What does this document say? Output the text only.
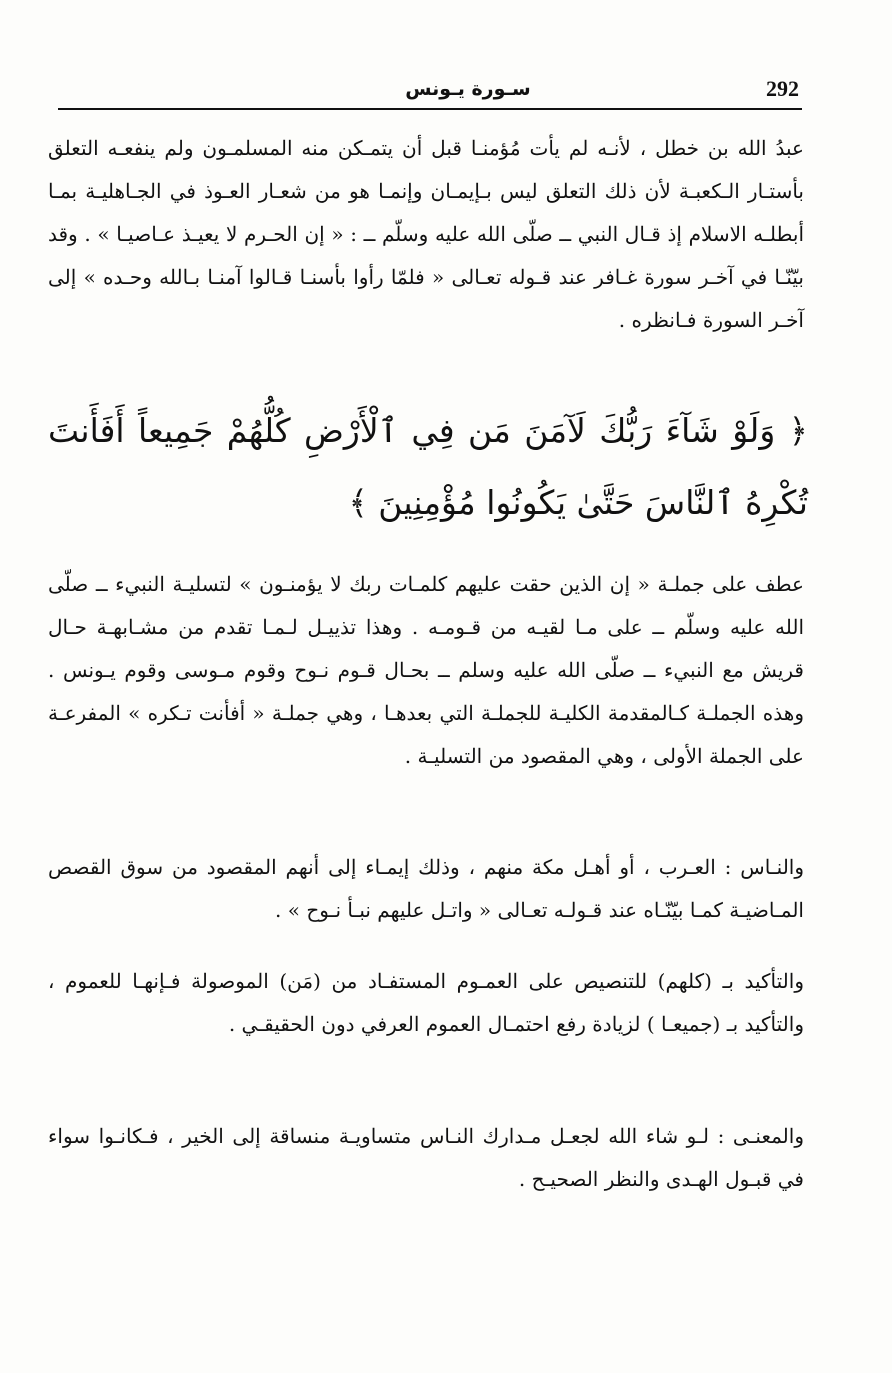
292
سـورة يـونس

عبدُ الله بن خطل ، لأنـه لم يأت مُؤمنـا قبل أن يتمـكن منه المسلمـون ولم ينفعـه التعلق بأستـار الـكعبـة لأن ذلك التعلق ليس بـإيمـان وإنمـا هو من شعـار العـوذ في الجـاهليـة بمـا أبطلـه الاسلام إذ قـال النبي ــ صلّى الله عليه وسلّم ــ : « إن الحـرم لا يعيـذ عـاصيـا » . وقد بيّنّـا في آخـر سورة غـافر عند قـوله تعـالى « فلمّا رأوا بأسنـا قـالوا آمنـا بـالله وحـده » إلى آخـر السورة فـانظره .

﴿ وَلَوْ شَآءَ رَبُّكَ لَآمَنَ مَن فِي ٱلْأَرْضِ كُلُّهُمْ جَمِيعاً أَفَأَنتَ تُكْرِهُ ٱلنَّاسَ حَتَّىٰ يَكُونُوا مُؤْمِنِينَ ﴾

عطف على جملـة « إن الذين حقت عليهم كلمـات ربك لا يؤمنـون » لتسليـة النبيء ــ صلّى الله عليه وسلّم ــ على مـا لقيـه من قـومـه . وهذا تذييـل لـمـا تقدم من مشـابهـة حـال قريش مع النبيء ــ صلّى الله عليه وسلم ــ بحـال قـوم نـوح وقوم مـوسى وقوم يـونس . وهذه الجملـة كـالمقدمة الكليـة للجملـة التي بعدهـا ، وهي جملـة « أفأنت تـكره » المفرعـة على الجملة الأولى ، وهي المقصود من التسليـة .

والنـاس : العـرب ، أو أهـل مكة منهم ، وذلك إيمـاء إلى أنهم المقصود من سوق القصص المـاضيـة كمـا بيّنّـاه عند قـولـه تعـالى « واتـل عليهم نبـأ نـوح » .

والتأكيد بـ (كلهم) للتنصيص على العمـوم المستفـاد من (مَن) الموصولة فـإنهـا للعموم ، والتأكيد بـ (جميعـا ) لزيادة رفع احتمـال العموم العرفي دون الحقيقـي .

والمعنـى : لـو شاء الله لجعـل مـدارك النـاس متساويـة منساقة إلى الخير ، فـكانـوا سواء في قبـول الهـدى والنظر الصحيـح .
